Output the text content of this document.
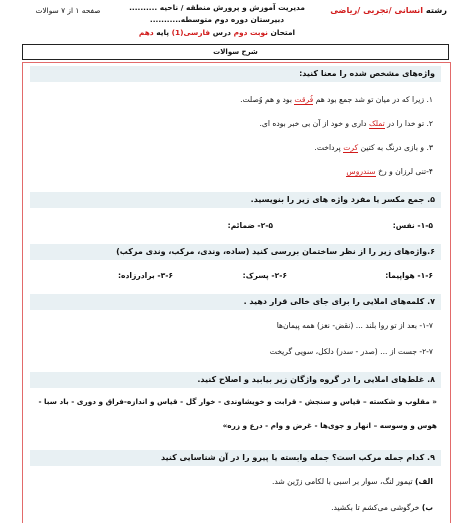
رشته انسانی /تجربی /ریاضی
مدیریت آموزش و پرورش منطقه / ناحیه ..........
دبیرستان دوره دوم متوسطه...........
امتحان نوبت دوم درس فارسی(1) پایه دهم
صفحه ۱ از ۷ سوالات
شرح سوالات
واژه‌های مشخص شده را معنا کنید:
۱. زیرا که در میان تو شد جمع بود هم فُرقت بود و هم وُصلت.
۲. تو خدا را در تملک داری و خود از آن بی خبر بوده ای.
۳. و بازی درنگ به کتین کرت پرداخت.
۴-تنی لرزان و رخ سندروس
۵. جمع مکسر یا مفرد واژه های زیر را بنویسید.
۱-۵- نفس:
۲-۵- ضمائم:
۶.واژه‌های زیر را از نظر ساختمان بررسی کنید (ساده، وندی، مرکب، وندی مرکب)
۱-۶- هواپیما:
۲-۶- پسرک:
۳-۶- برادرزاده:
۷. کلمه‌های املایی را برای جای خالی قرار دهید .
۱-۷- بعد از تو روا بلند ... (نقض- نغز) همه پیمان‌ها
۲-۷- جست از ... (صدر - سدر) دلکل، سویی گریخت
۸. غلط‌های املایی را در گروه واژگان زیر بیابید و اصلاح کنید.
« مقلوب و شکسته – قیاس و سنجش - قرابت و خویشاوندی - خوار گل - قیاس و اندازه-فراق و دوری - باد سبا -
هوس و وسوسه – انهار و جوی‌ها - غرض و وام - درع و زره»
۹. کدام جمله مرکب است؟ جمله وابسته یا پیرو را در آن شناسایی کنید
الف) تیمور لنگ، سوار بر اسبی با لکامی زرّین شد.
ب) خرگوشی می‌کشم تا بکشید.
